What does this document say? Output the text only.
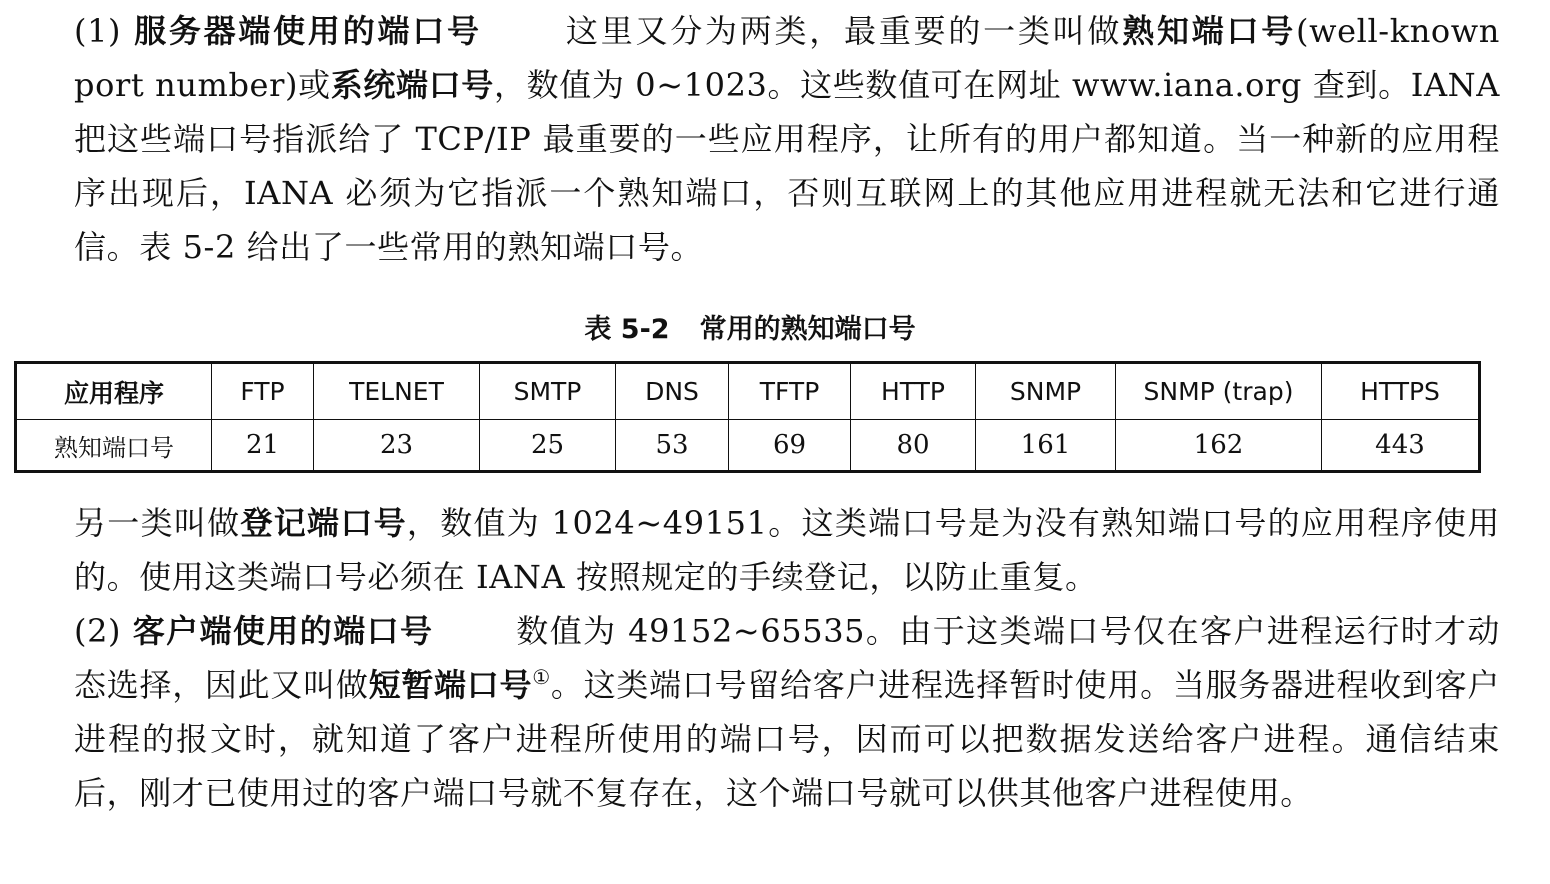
(1) 服务器端使用的端口号	这里又分为两类，最重要的一类叫做熟知端口号(well-known port number)或系统端口号，数值为 0~1023。这些数值可在网址 www.iana.org 查到。IANA 把这些端口号指派给了 TCP/IP 最重要的一些应用程序，让所有的用户都知道。当一种新的应用程序出现后，IANA 必须为它指派一个熟知端口，否则互联网上的其他应用进程就无法和它进行通信。表 5-2 给出了一些常用的熟知端口号。
表 5-2 常用的熟知端口号
应用程序	FTP	TELNET	SMTP	DNS	TFTP	HTTP	SNMP	SNMP (trap)	HTTPS
熟知端口号	21	23	25	53	69	80	161	162	443
另一类叫做登记端口号，数值为 1024~49151。这类端口号是为没有熟知端口号的应用程序使用的。使用这类端口号必须在 IANA 按照规定的手续登记，以防止重复。
(2) 客户端使用的端口号	数值为 49152~65535。由于这类端口号仅在客户进程运行时才动态选择，因此又叫做短暂端口号①。这类端口号留给客户进程选择暂时使用。当服务器进程收到客户进程的报文时，就知道了客户进程所使用的端口号，因而可以把数据发送给客户进程。通信结束后，刚才已使用过的客户端口号就不复存在，这个端口号就可以供其他客户进程使用。
